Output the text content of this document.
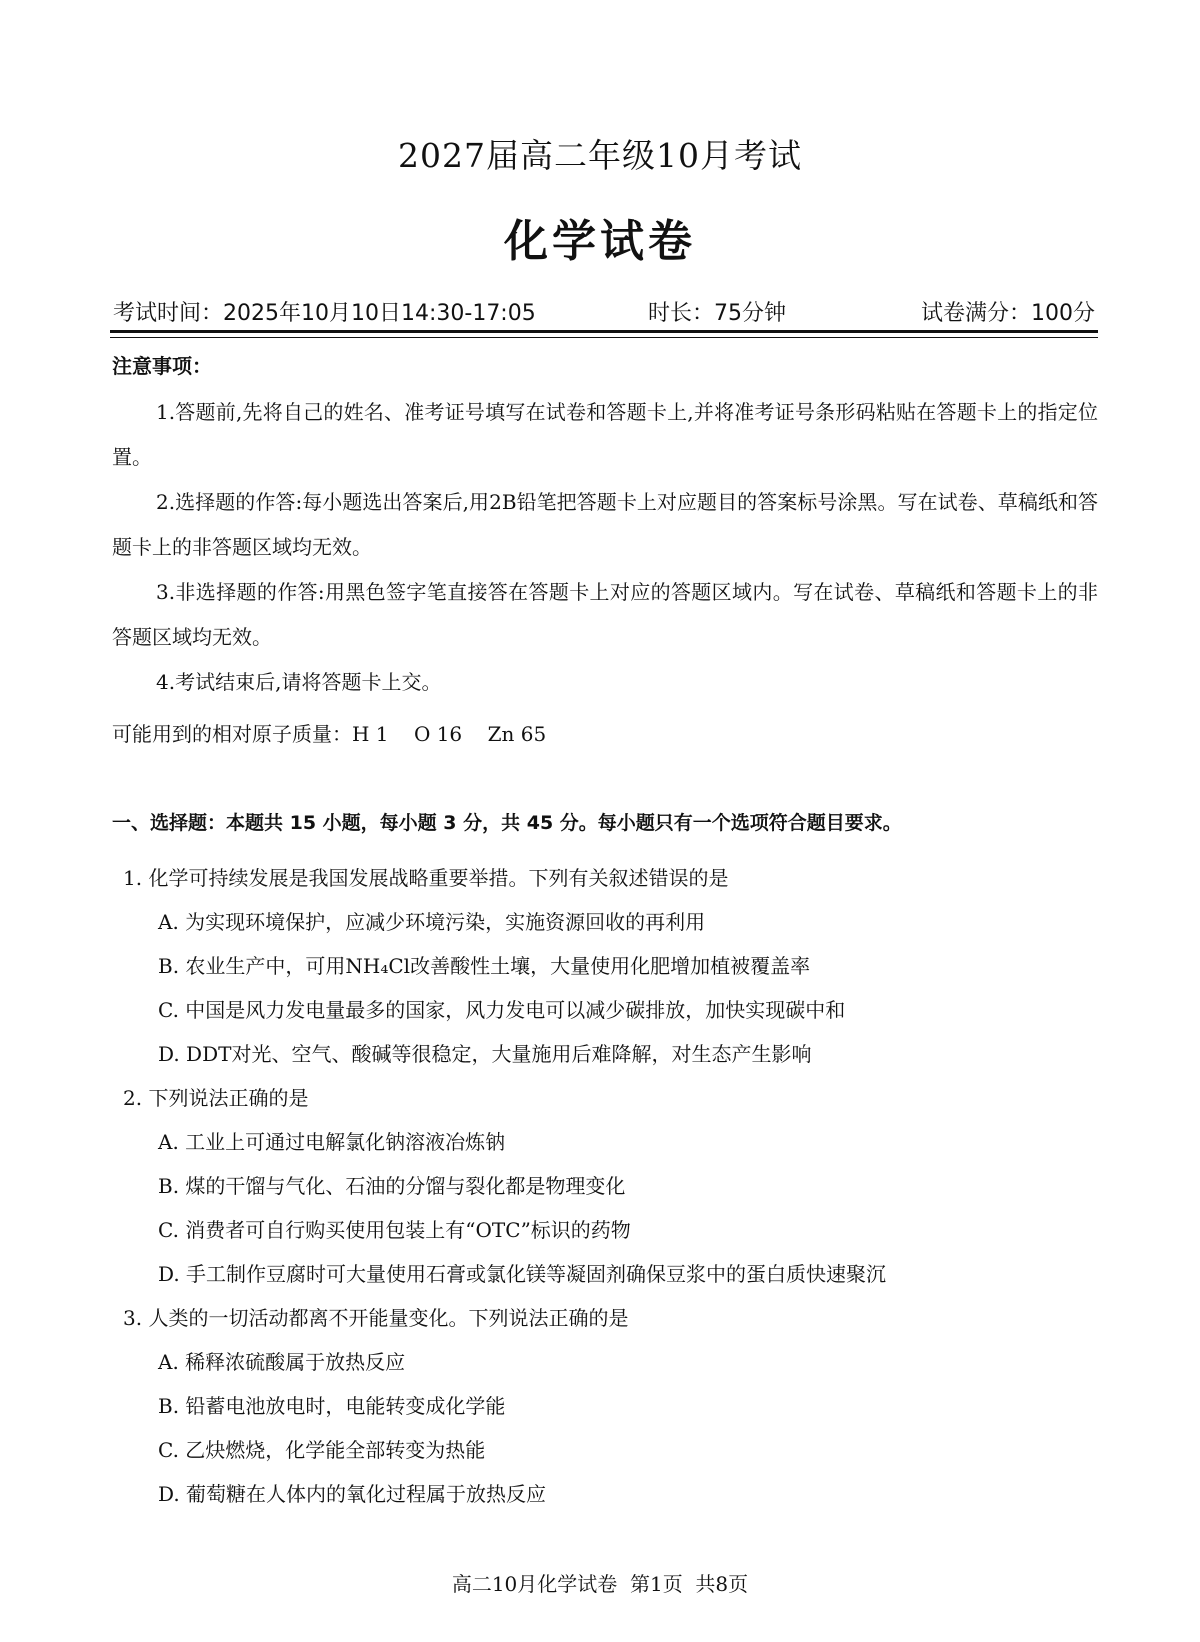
2027届高二年级10月考试
化学试卷
考试时间：2025年10月10日14:30-17:05	时长：75分钟	试卷满分：100分
注意事项：

1.答题前,先将自己的姓名、准考证号填写在试卷和答题卡上,并将准考证号条形码粘贴在答题卡上的指定位置。

2.选择题的作答:每小题选出答案后,用2B铅笔把答题卡上对应题目的答案标号涂黑。写在试卷、草稿纸和答题卡上的非答题区域均无效。

3.非选择题的作答:用黑色签字笔直接答在答题卡上对应的答题区域内。写在试卷、草稿纸和答题卡上的非答题区域均无效。

4.考试结束后,请将答题卡上交。

可能用到的相对原子质量：H 1    O 16    Zn 65
一、选择题：本题共 15 小题，每小题 3 分，共 45 分。每小题只有一个选项符合题目要求。
1. 化学可持续发展是我国发展战略重要举措。下列有关叙述错误的是
A. 为实现环境保护，应减少环境污染，实施资源回收的再利用
B. 农业生产中，可用NH₄Cl改善酸性土壤，大量使用化肥增加植被覆盖率
C. 中国是风力发电量最多的国家，风力发电可以减少碳排放，加快实现碳中和
D. DDT对光、空气、酸碱等很稳定，大量施用后难降解，对生态产生影响
2. 下列说法正确的是
A. 工业上可通过电解氯化钠溶液冶炼钠
B. 煤的干馏与气化、石油的分馏与裂化都是物理变化
C. 消费者可自行购买使用包装上有“OTC”标识的药物
D. 手工制作豆腐时可大量使用石膏或氯化镁等凝固剂确保豆浆中的蛋白质快速聚沉
3. 人类的一切活动都离不开能量变化。下列说法正确的是
A. 稀释浓硫酸属于放热反应
B. 铅蓄电池放电时，电能转变成化学能
C. 乙炔燃烧，化学能全部转变为热能
D. 葡萄糖在人体内的氧化过程属于放热反应
高二10月化学试卷  第1页  共8页
